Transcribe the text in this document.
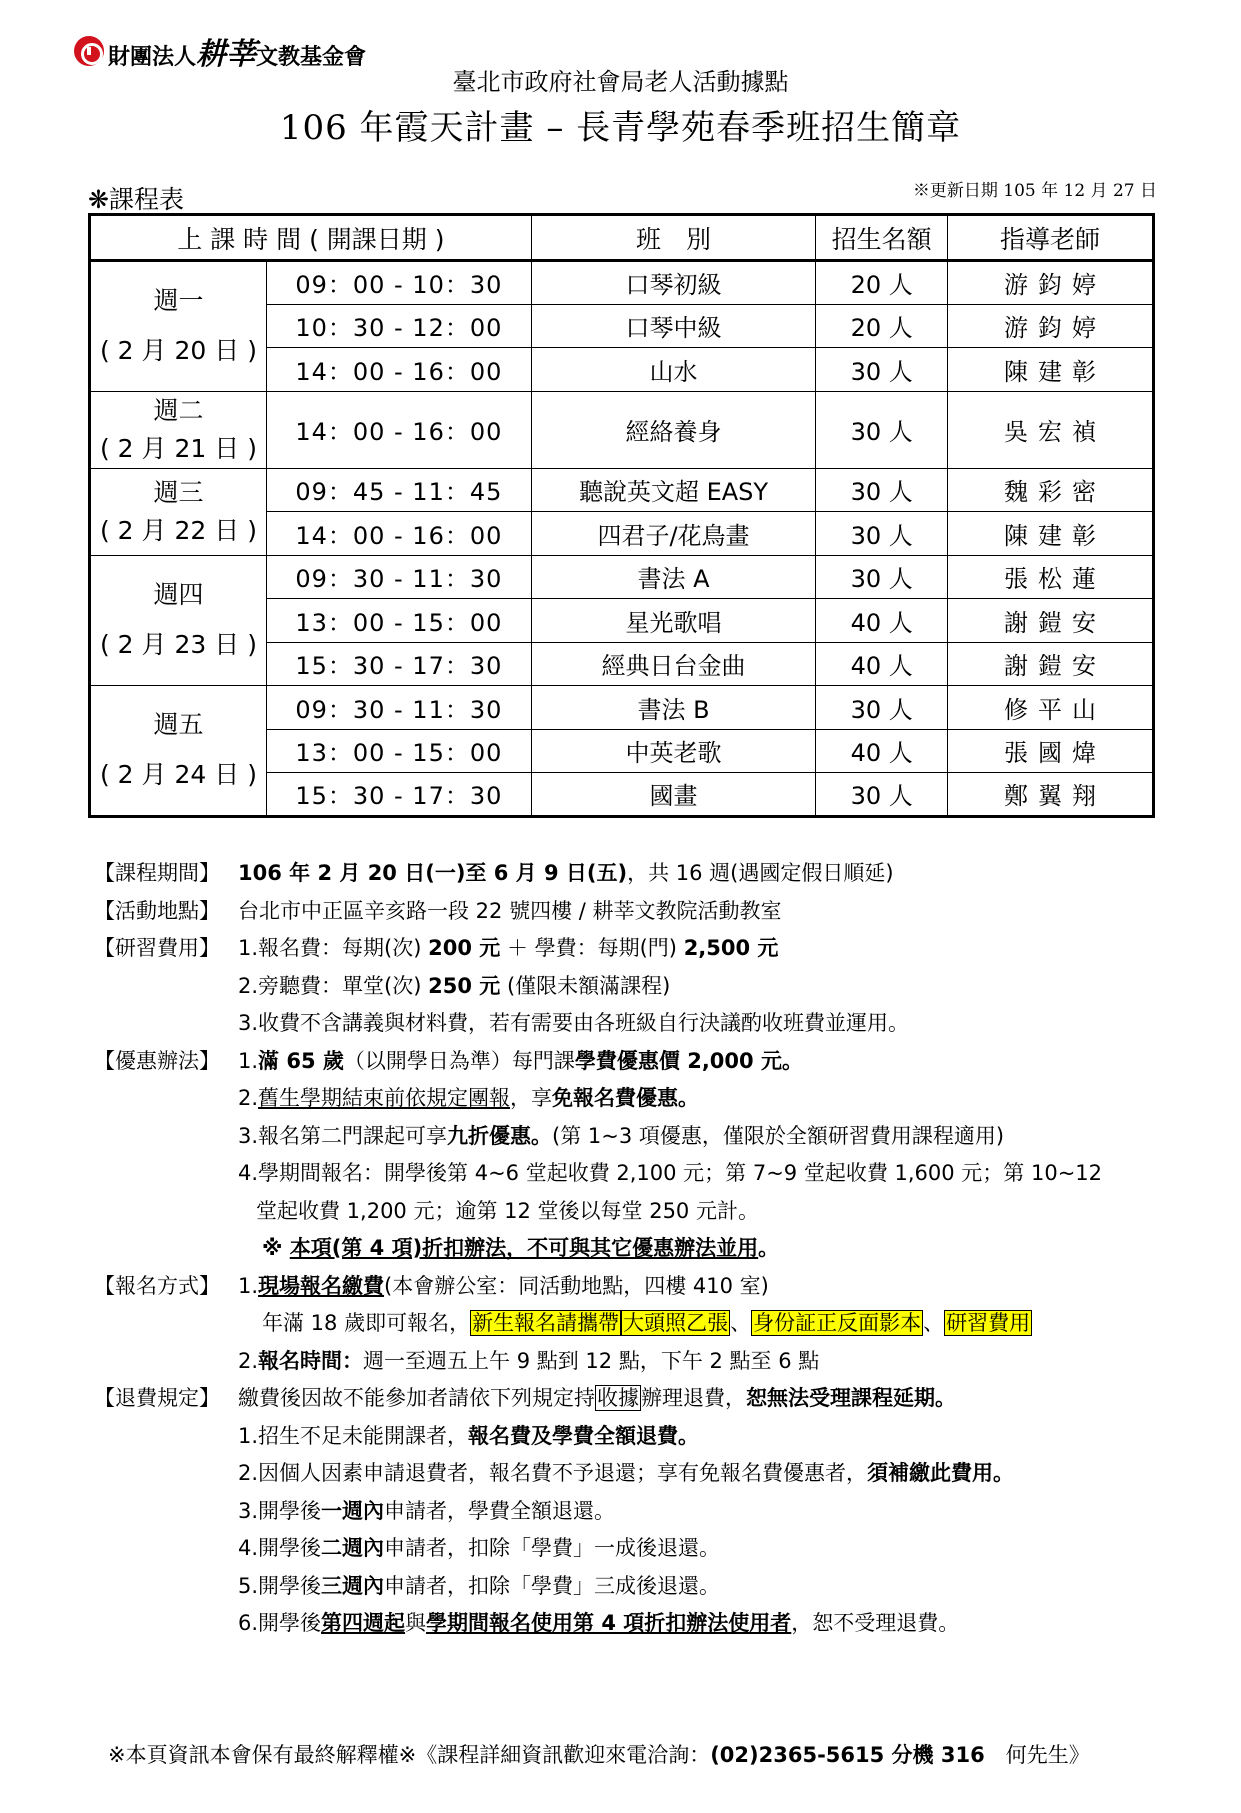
財團法人耕莘文教基金會
臺北市政府社會局老人活動據點
106 年霞天計畫 – 長青學苑春季班招生簡章
❋課程表	※更新日期 105 年 12 月 27 日
上 課 時 間 ( 開課日期 )		班　別	招生名額	指導老師

週一
( 2 月 20 日 )	09：00 - 10：30	口琴初級	20 人	游鈞婷
	10：30 - 12：00	口琴中級	20 人	游鈞婷
	14：00 - 16：00	山水	30 人	陳建彰

週二
( 2 月 21 日 )	14：00 - 16：00	經絡養身	30 人	吳宏禎

週三
( 2 月 22 日 )	09：45 - 11：45	聽說英文超 EASY	30 人	魏彩密
	14：00 - 16：00	四君子/花鳥畫	30 人	陳建彰

週四
( 2 月 23 日 )	09：30 - 11：30	書法 A	30 人	張松蓮
	13：00 - 15：00	星光歌唱	40 人	謝鎧安
	15：30 - 17：30	經典日台金曲	40 人	謝鎧安

週五
( 2 月 24 日 )	09：30 - 11：30	書法 B	30 人	修平山
	13：00 - 15：00	中英老歌	40 人	張國煒
	15：30 - 17：30	國畫	30 人	鄭翼翔
【課程期間】 106 年 2 月 20 日(一)至 6 月 9 日(五)，共 16 週(遇國定假日順延)
【活動地點】 台北市中正區辛亥路一段 22 號四樓 / 耕莘文教院活動教室
【研習費用】 1.報名費：每期(次) 200 元 ＋ 學費：每期(門) 2,500 元
2.旁聽費：單堂(次) 250 元 (僅限未額滿課程)
3.收費不含講義與材料費，若有需要由各班級自行決議酌收班費並運用。
【優惠辦法】 1.滿 65 歲（以開學日為準）每門課學費優惠價 2,000 元。
2.舊生學期結束前依規定團報，享免報名費優惠。
3.報名第二門課起可享九折優惠。(第 1~3 項優惠，僅限於全額研習費用課程適用)
4.學期間報名：開學後第 4~6 堂起收費 2,100 元；第 7~9 堂起收費 1,600 元；第 10~12
堂起收費 1,200 元；逾第 12 堂後以每堂 250 元計。
※ 本項(第 4 項)折扣辦法，不可與其它優惠辦法並用。
【報名方式】 1.現場報名繳費(本會辦公室：同活動地點，四樓 410 室)
年滿 18 歲即可報名，新生報名請攜帶 大頭照乙張、身份証正反面影本、研習費用
2.報名時間：週一至週五上午 9 點到 12 點，下午 2 點至 6 點
【退費規定】 繳費後因故不能參加者請依下列規定持收據辦理退費，恕無法受理課程延期。
1.招生不足未能開課者，報名費及學費全額退費。
2.因個人因素申請退費者，報名費不予退還；享有免報名費優惠者，須補繳此費用。
3.開學後一週內申請者，學費全額退還。
4.開學後二週內申請者，扣除「學費」一成後退還。
5.開學後三週內申請者，扣除「學費」三成後退還。
6.開學後第四週起與學期間報名使用第 4 項折扣辦法使用者，恕不受理退費。
※本頁資訊本會保有最終解釋權※《課程詳細資訊歡迎來電洽詢：(02)2365-5615 分機 316　何先生》
